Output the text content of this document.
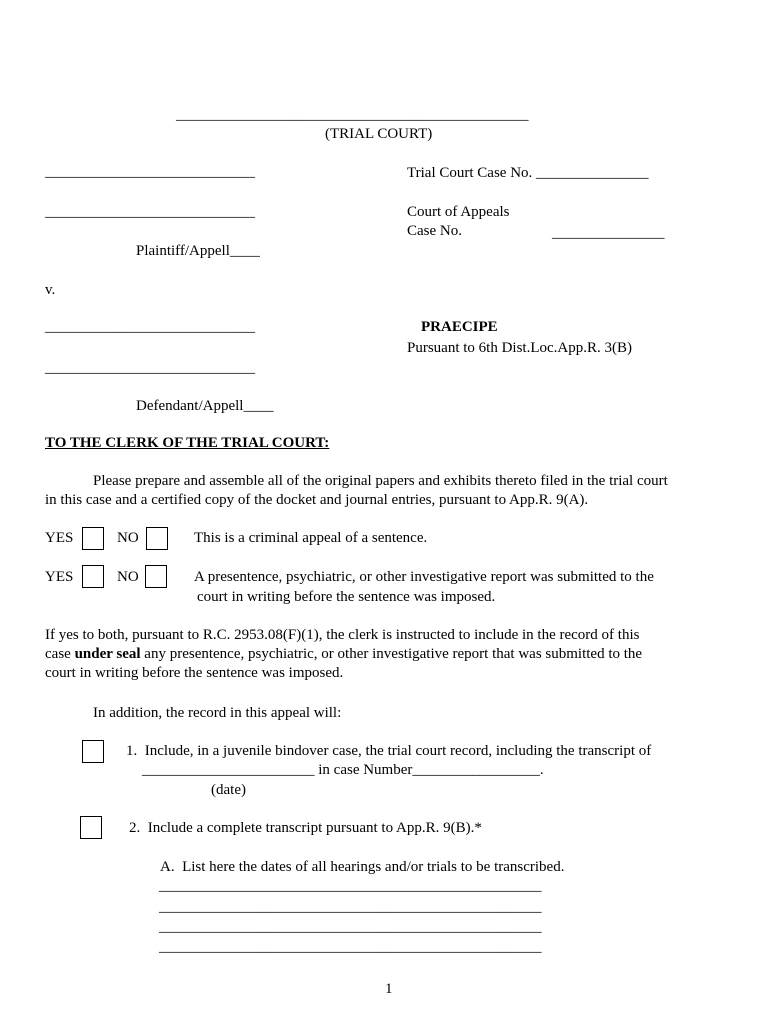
_______________________________________________
(TRIAL COURT)
____________________________
____________________________
Plaintiff/Appell____
v.
____________________________
____________________________
Defendant/Appell____
Trial Court Case No. _______________
Court of Appeals
Case No.	_______________
PRAECIPE
Pursuant to 6th Dist.Loc.App.R. 3(B)
TO THE CLERK OF THE TRIAL COURT:
Please prepare and assemble all of the original papers and exhibits thereto filed in the trial court
in this case and a certified copy of the docket and journal entries, pursuant to App.R. 9(A).
YES	NO	This is a criminal appeal of a sentence.
YES	NO	A presentence, psychiatric, or other investigative report was submitted to the
court in writing before the sentence was imposed.
If yes to both, pursuant to R.C. 2953.08(F)(1), the clerk is instructed to include in the record of this
case under seal any presentence, psychiatric, or other investigative report that was submitted to the
court in writing before the sentence was imposed.
In addition, the record in this appeal will:
1.  Include, in a juvenile bindover case, the trial court record, including the transcript of
_______________________ in case Number_________________.
(date)
2.  Include a complete transcript pursuant to App.R. 9(B).*
A.  List here the dates of all hearings and/or trials to be transcribed.
___________________________________________________
___________________________________________________
___________________________________________________
___________________________________________________
1
